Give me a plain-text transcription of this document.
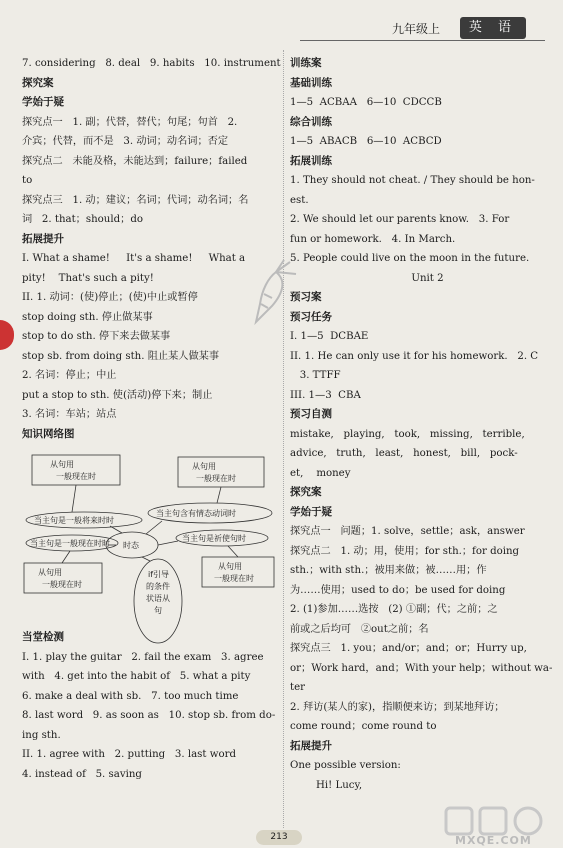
九年级上	英 语
7. considering   8. deal   9. habits   10. instrument
探究案
学始于疑
探究点一   1. 副；代替，替代；句尾；句首   2.
介宾；代替，而不是   3. 动词；动名词；否定
探究点二   未能及格，未能达到；failure；failed
to
探究点三   1. 动；建议；名词；代词；动名词；名
词   2. that；should；do
拓展提升
I. What a shame!     It's a shame!     What a
pity!    That's such a pity!
II. 1. 动词：(使)停止；(使)中止或暂停
stop doing sth. 停止做某事
stop to do sth. 停下来去做某事
stop sb. from doing sth. 阻止某人做某事
2. 名词：停止；中止
put a stop to sth. 使(活动)停下来；制止
3. 名词：车站；站点
知识网络图
从句用
一般现在时
从句用
一般现在时
当主句是一般将来时时
当主句含有情态动词时
当主句是一般现在时时
当主句是祈使句时
时态
从句用
一般现在时
从句用
一般现在时
if引导
的条件
状语从
句
当堂检测
I. 1. play the guitar   2. fail the exam   3. agree
with   4. get into the habit of   5. what a pity
6. make a deal with sb.   7. too much time
8. last word   9. as soon as   10. stop sb. from do-
ing sth.
II. 1. agree with   2. putting   3. last word
4. instead of   5. saving
训练案
基础训练
1—5  ACBAA   6—10  CDCCB
综合训练
1—5  ABACB   6—10  ACBCD
拓展训练
1. They should not cheat. / They should be hon-
est.
2. We should let our parents know.   3. For
fun or homework.   4. In March.
5. People could live on the moon in the future.
Unit 2
预习案
预习任务
I. 1—5  DCBAE
II. 1. He can only use it for his homework.   2. C
3. TTFF
III. 1—3  CBA
预习自测
mistake,   playing,   took,   missing,   terrible,
advice,   truth,   least,   honest,   bill,   pock-
et,    money
探究案
学始于疑
探究点一   问题；1. solve，settle；ask，answer
探究点二   1. 动；用，使用；for sth.；for doing
sth.；with sth.；被用来做；被……用；作
为……使用；used to do；be used for doing
2. (1)参加……选按   (2) ①副；代；之前；之
前或之后均可   ②out之前；名
探究点三   1. you；and/or；and；or；Hurry up,
or；Work hard，and；With your help；without wa-
ter
2. 拜访(某人的家)，指顺便来访；到某地拜访；
come round；come round to
拓展提升
One possible version:
Hi! Lucy,
MXQE.COM
213
